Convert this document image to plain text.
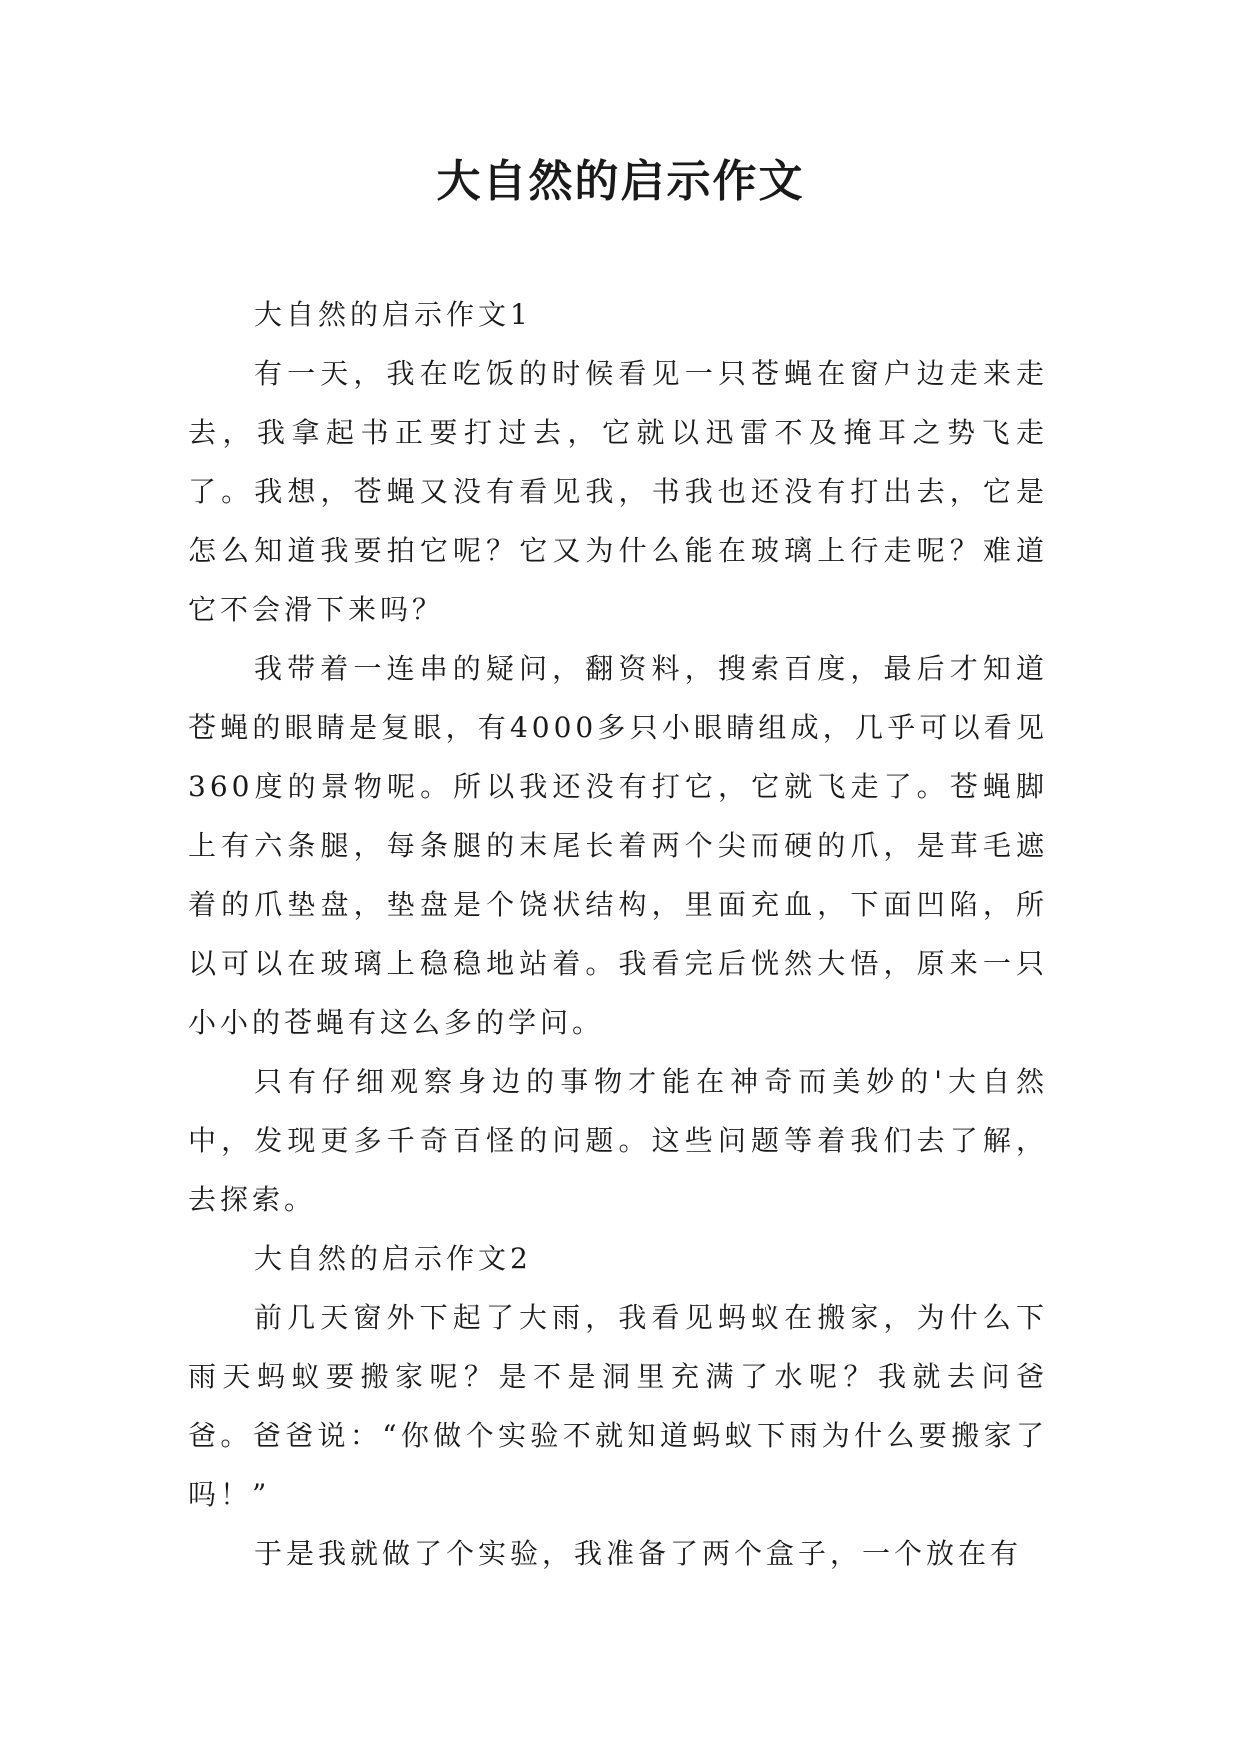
大自然的启示作文
大自然的启示作文1

有一天，我在吃饭的时候看见一只苍蝇在窗户边走来走去，我拿起书正要打过去，它就以迅雷不及掩耳之势飞走了。我想，苍蝇又没有看见我，书我也还没有打出去，它是怎么知道我要拍它呢？它又为什么能在玻璃上行走呢？难道它不会滑下来吗？

我带着一连串的疑问，翻资料，搜索百度，最后才知道苍蝇的眼睛是复眼，有4000多只小眼睛组成，几乎可以看见360度的景物呢。所以我还没有打它，它就飞走了。苍蝇脚上有六条腿，每条腿的末尾长着两个尖而硬的爪，是茸毛遮着的爪垫盘，垫盘是个饶状结构，里面充血，下面凹陷，所以可以在玻璃上稳稳地站着。我看完后恍然大悟，原来一只小小的苍蝇有这么多的学问。

只有仔细观察身边的事物才能在神奇而美妙的'大自然中，发现更多千奇百怪的问题。这些问题等着我们去了解，去探索。

大自然的启示作文2

前几天窗外下起了大雨，我看见蚂蚁在搬家，为什么下雨天蚂蚁要搬家呢？是不是洞里充满了水呢？我就去问爸爸。爸爸说：“你做个实验不就知道蚂蚁下雨为什么要搬家了吗！”

于是我就做了个实验，我准备了两个盒子，一个放在有
